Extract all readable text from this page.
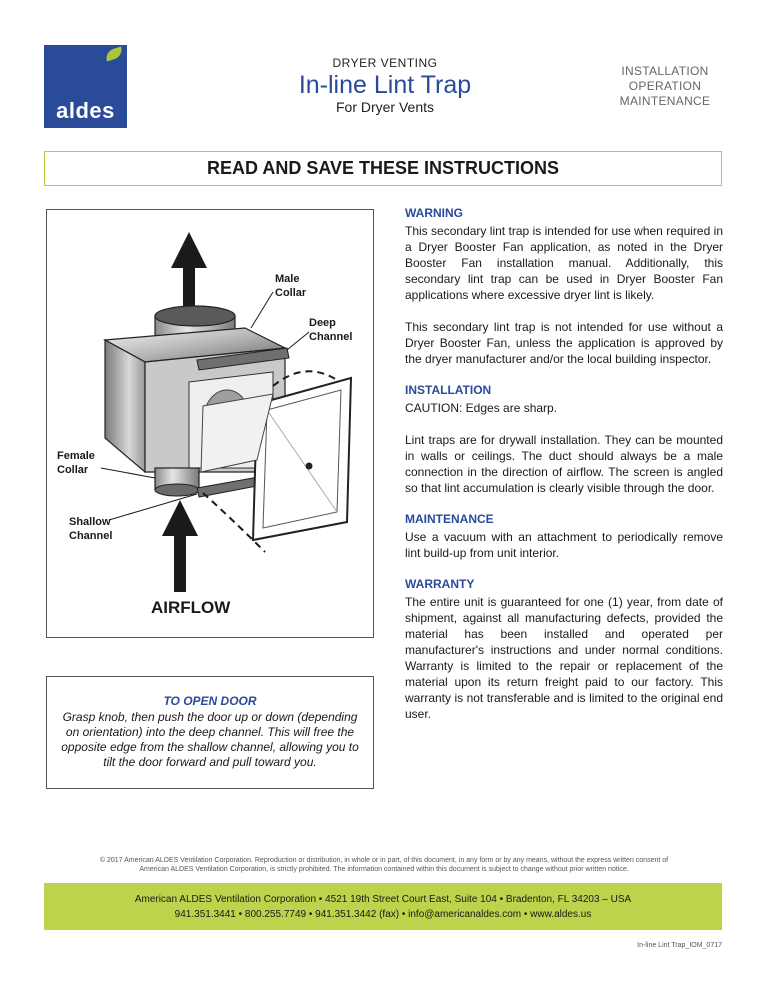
aldes
DRYER VENTING
In-line Lint Trap
For Dryer Vents
INSTALLATION
OPERATION
MAINTENANCE
READ AND SAVE THESE INSTRUCTIONS
Male
Collar
Deep
Channel
Female
Collar
Shallow
Channel
AIRFLOW
TO OPEN DOOR
Grasp knob, then push the door up or down (depending
on orientation) into the deep channel. This will free the
opposite edge from the shallow channel, allowing you to
tilt the door forward and pull toward you.
WARNING
This secondary lint trap is intended for use when required in a Dryer Booster Fan application, as noted in the Dryer Booster Fan installation manual. Additionally, this secondary lint trap can be used in Dryer Booster Fan applications where excessive dryer lint is likely.
This secondary lint trap is not intended for use without a Dryer Booster Fan, unless the application is approved by the dryer manufacturer and/or the local building inspector.
INSTALLATION
CAUTION: Edges are sharp.
Lint traps are for drywall installation. They can be mounted in walls or ceilings. The duct should always be a male connection in the direction of airflow. The screen is angled so that lint accumulation is clearly visible through the door.
MAINTENANCE
Use a vacuum with an attachment to periodically remove lint build-up from unit interior.
WARRANTY
The entire unit is guaranteed for one (1) year, from date of shipment, against all manufacturing defects, provided the material has been installed and operated per manufacturer's instructions and under normal conditions. Warranty is limited to the repair or replacement of the material upon its return freight paid to our factory. This warranty is not transferable and is limited to the original end user.
© 2017 American ALDES Ventilation Corporation. Reproduction or distribution, in whole or in part, of this document, in any form or by any means, without the express written consent of
American ALDES Ventilation Corporation, is strictly prohibited. The information contained within this document is subject to change without prior written notice.
American ALDES Ventilation Corporation • 4521 19th Street Court East, Suite 104 • Bradenton, FL 34203 – USA
941.351.3441 • 800.255.7749 • 941.351.3442 (fax) • info@americanaldes.com • www.aldes.us
In-line Lint Trap_IOM_0717
